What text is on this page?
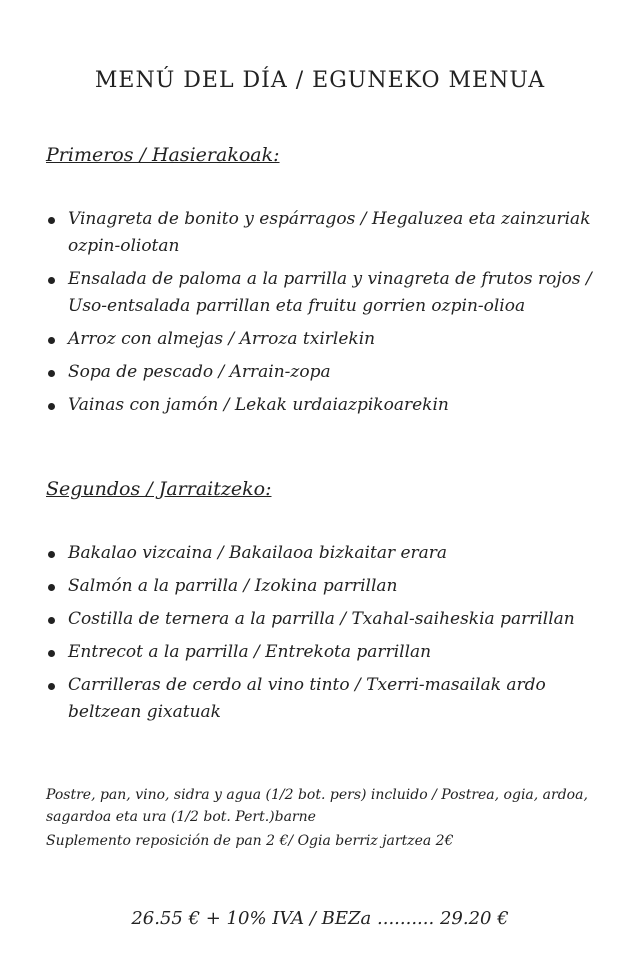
MENÚ DEL DÍA / EGUNEKO MENUA
Primeros / Hasierakoak:
Vinagreta de bonito y espárragos / Hegaluzea eta zainzuriak ozpin-oliotan
Ensalada de paloma a la parrilla y vinagreta de frutos rojos / Uso-entsalada parrillan eta fruitu gorrien ozpin-olioa
Arroz con almejas / Arroza txirlekin
Sopa de pescado / Arrain-zopa
Vainas con jamón / Lekak urdaiazpikoarekin
Segundos / Jarraitzeko:
Bakalao vizcaina / Bakailaoa bizkaitar erara
Salmón a la parrilla / Izokina parrillan
Costilla de ternera a la parrilla / Txahal-saiheskia parrillan
Entrecot a la parrilla / Entrekota parrillan
Carrilleras de cerdo al vino tinto / Txerri-masailak ardo beltzean gixatuak
Postre, pan, vino, sidra y agua (1/2 bot. pers) incluido / Postrea, ogia, ardoa, sagardoa eta ura (1/2 bot. Pert.)barne
Suplemento reposición de pan 2 €/ Ogia berriz jartzea 2€
26.55 € + 10% IVA / BEZa .......... 29.20 €
